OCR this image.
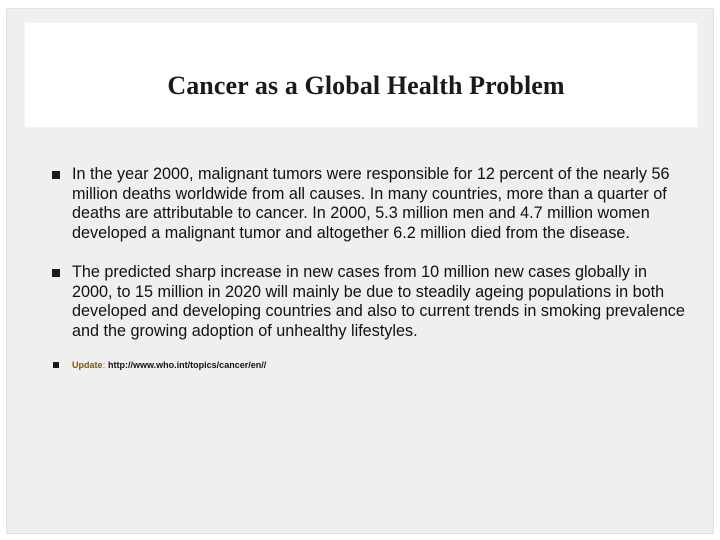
Cancer as a Global Health Problem
In the year 2000, malignant tumors were responsible for 12 percent of the nearly 56 million deaths worldwide from all causes. In many countries, more than a quarter of deaths are attributable to cancer. In 2000, 5.3 million men and 4.7 million women developed a malignant tumor and altogether 6.2 million died from the disease.
The predicted sharp increase in new cases from 10 million new cases globally in 2000, to 15 million in 2020 will mainly be due to steadily ageing populations in both developed and developing countries and also to current trends in smoking prevalence and the growing adoption of unhealthy lifestyles.
Update: http://www.who.int/topics/cancer/en//
